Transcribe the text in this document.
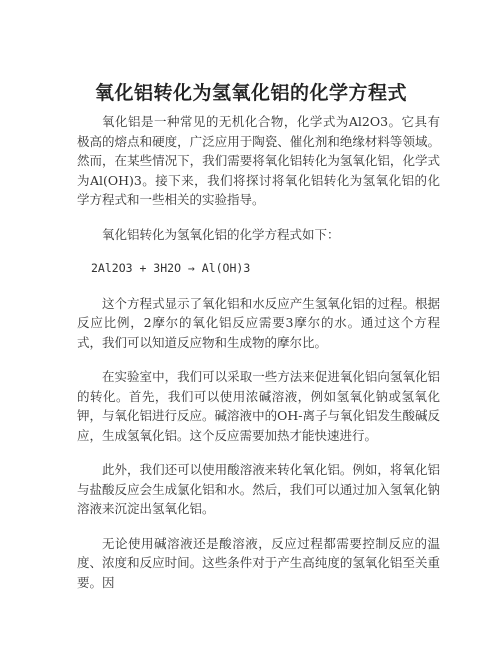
氧化铝转化为氢氧化铝的化学方程式

氧化铝是一种常见的无机化合物，化学式为Al2O3。它具有极高的熔点和硬度，广泛应用于陶瓷、催化剂和绝缘材料等领域。然而，在某些情况下，我们需要将氧化铝转化为氢氧化铝，化学式为Al(OH)3。接下来，我们将探讨将氧化铝转化为氢氧化铝的化学方程式和一些相关的实验指导。

氧化铝转化为氢氧化铝的化学方程式如下：

2Al2O3 + 3H2O → Al(OH)3

这个方程式显示了氧化铝和水反应产生氢氧化铝的过程。根据反应比例，2摩尔的氧化铝反应需要3摩尔的水。通过这个方程式，我们可以知道反应物和生成物的摩尔比。

在实验室中，我们可以采取一些方法来促进氧化铝向氢氧化铝的转化。首先，我们可以使用浓碱溶液，例如氢氧化钠或氢氧化钾，与氧化铝进行反应。碱溶液中的OH-离子与氧化铝发生酸碱反应，生成氢氧化铝。这个反应需要加热才能快速进行。

此外，我们还可以使用酸溶液来转化氧化铝。例如，将氧化铝与盐酸反应会生成氯化铝和水。然后，我们可以通过加入氢氧化钠溶液来沉淀出氢氧化铝。

无论使用碱溶液还是酸溶液，反应过程都需要控制反应的温度、浓度和反应时间。这些条件对于产生高纯度的氢氧化铝至关重要。因
